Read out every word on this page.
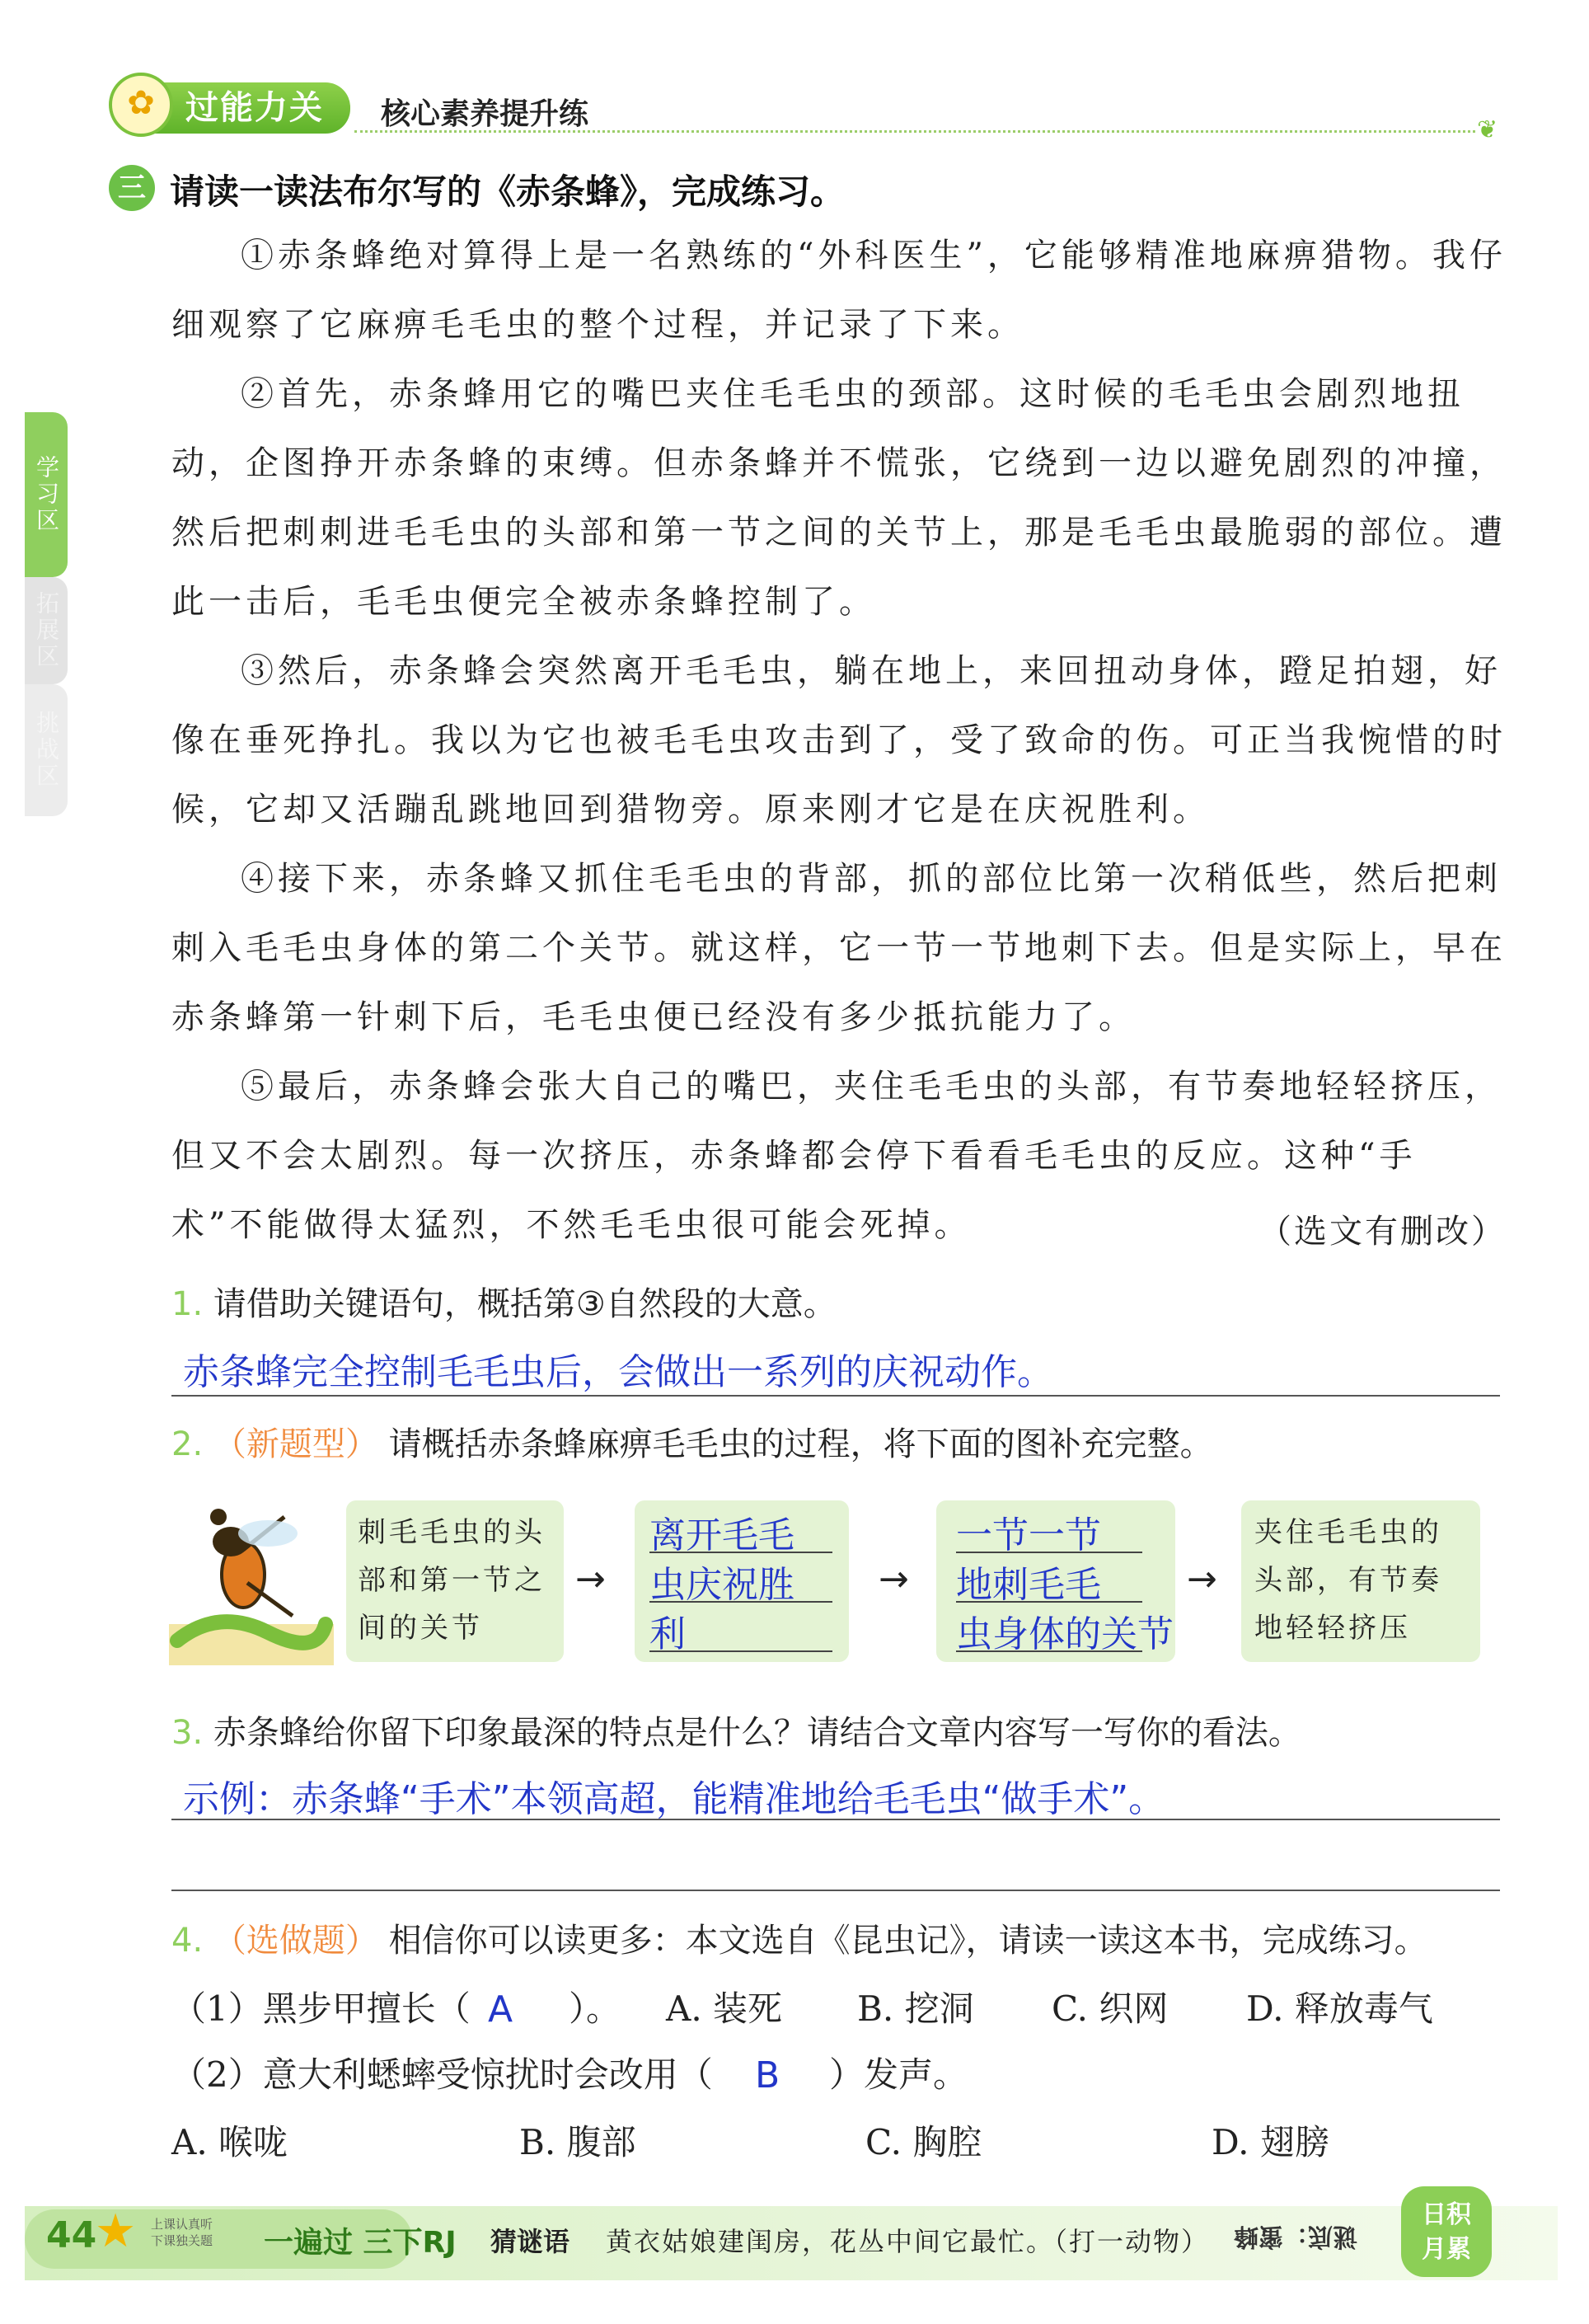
过能力关
✿	核心素养提升练	❦
学习区
拓展区
挑战区
三 请读一读法布尔写的《赤条蜂》，完成练习。
①赤条蜂绝对算得上是一名熟练的“外科医生”，它能够精准地麻痹猎物。我仔细观察了它麻痹毛毛虫的整个过程，并记录了下来。
②首先，赤条蜂用它的嘴巴夹住毛毛虫的颈部。这时候的毛毛虫会剧烈地扭动，企图挣开赤条蜂的束缚。但赤条蜂并不慌张，它绕到一边以避免剧烈的冲撞，然后把刺刺进毛毛虫的头部和第一节之间的关节上，那是毛毛虫最脆弱的部位。遭此一击后，毛毛虫便完全被赤条蜂控制了。
③然后，赤条蜂会突然离开毛毛虫，躺在地上，来回扭动身体，蹬足拍翅，好像在垂死挣扎。我以为它也被毛毛虫攻击到了，受了致命的伤。可正当我惋惜的时候，它却又活蹦乱跳地回到猎物旁。原来刚才它是在庆祝胜利。
④接下来，赤条蜂又抓住毛毛虫的背部，抓的部位比第一次稍低些，然后把刺刺入毛毛虫身体的第二个关节。就这样，它一节一节地刺下去。但是实际上，早在赤条蜂第一针刺下后，毛毛虫便已经没有多少抵抗能力了。
⑤最后，赤条蜂会张大自己的嘴巴，夹住毛毛虫的头部，有节奏地轻轻挤压，但又不会太剧烈。每一次挤压，赤条蜂都会停下看看毛毛虫的反应。这种“手术”不能做得太猛烈，不然毛毛虫很可能会死掉。	（选文有删改）
1. 请借助关键语句，概括第③自然段的大意。
赤条蜂完全控制毛毛虫后，会做出一系列的庆祝动作。
2. （新题型） 请概括赤条蜂麻痹毛毛虫的过程，将下面的图补充完整。
刺毛毛虫的头部和第一节之间的关节
→
离开毛毛
虫庆祝胜
利
→
一节一节
地刺毛毛
虫身体的关节
→
夹住毛毛虫的头部，有节奏地轻轻挤压
3. 赤条蜂给你留下印象最深的特点是什么？请结合文章内容写一写你的看法。
示例：赤条蜂“手术”本领高超，能精准地给毛毛虫“做手术”。
4. （选做题） 相信你可以读更多：本文选自《昆虫记》，请读一读这本书，完成练习。
（1）黑步甲擅长（ A ）。 A. 装死 B. 挖洞 C. 织网 D. 释放毒气
（2）意大利蟋蟀受惊扰时会改用（ B ）发声。
A. 喉咙	B. 腹部	C. 胸腔	D. 翅膀
44
★ 上课认真听
下课独关题 一遍过 三下RJ 猜谜语 黄衣姑娘建闺房，花丛中间它最忙。（打一动物） 谜底：蜜蜂
日积
月累
